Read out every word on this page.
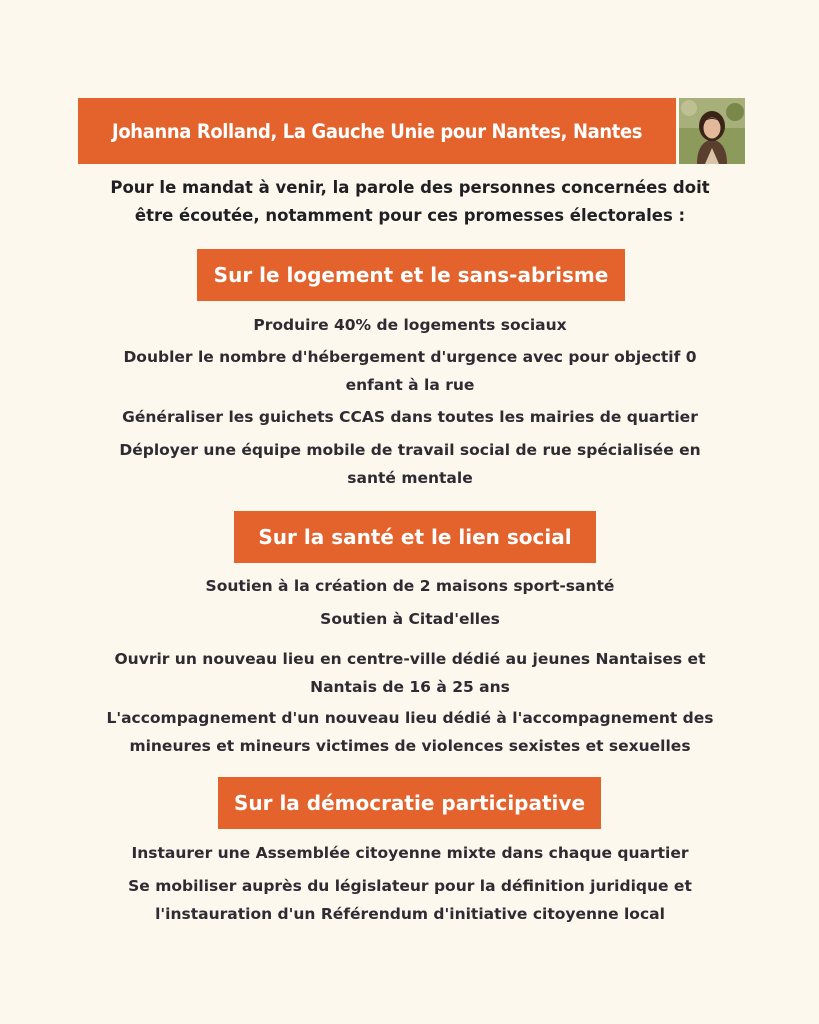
Johanna Rolland, La Gauche Unie pour Nantes, Nantes
Pour le mandat à venir, la parole des personnes concernées doit
être écoutée, notamment pour ces promesses électorales :
Sur le logement et le sans-abrisme
Produire 40% de logements sociaux
Doubler le nombre d'hébergement d'urgence avec pour objectif 0
enfant à la rue
Généraliser les guichets CCAS dans toutes les mairies de quartier
Déployer une équipe mobile de travail social de rue spécialisée en
santé mentale
Sur la santé et le lien social
Soutien à la création de 2 maisons sport-santé
Soutien à Citad'elles
Ouvrir un nouveau lieu en centre-ville dédié au jeunes Nantaises et
Nantais de 16 à 25 ans
L'accompagnement d'un nouveau lieu dédié à l'accompagnement des
mineures et mineurs victimes de violences sexistes et sexuelles
Sur la démocratie participative
Instaurer une Assemblée citoyenne mixte dans chaque quartier
Se mobiliser auprès du législateur pour la définition juridique et
l'instauration d'un Référendum d'initiative citoyenne local
